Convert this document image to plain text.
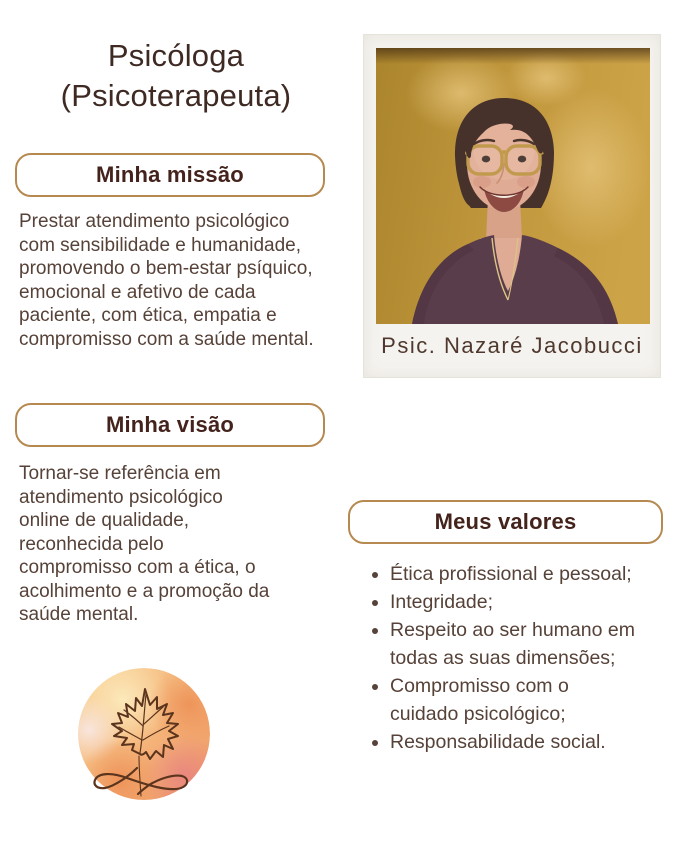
Psicóloga
(Psicoterapeuta)
Psic. Nazaré Jacobucci
Minha missão
Prestar atendimento psicológico
com sensibilidade e humanidade,
promovendo o bem-estar psíquico,
emocional e afetivo de cada
paciente, com ética, empatia e
compromisso com a saúde mental.
Minha visão
Tornar-se referência em
atendimento psicológico
online de qualidade,
reconhecida pelo
compromisso com a ética, o
acolhimento e a promoção da
saúde mental.
Meus valores
• Ética profissional e pessoal;
• Integridade;
• Respeito ao ser humano em
todas as suas dimensões;
• Compromisso com o
cuidado psicológico;
• Responsabilidade social.
